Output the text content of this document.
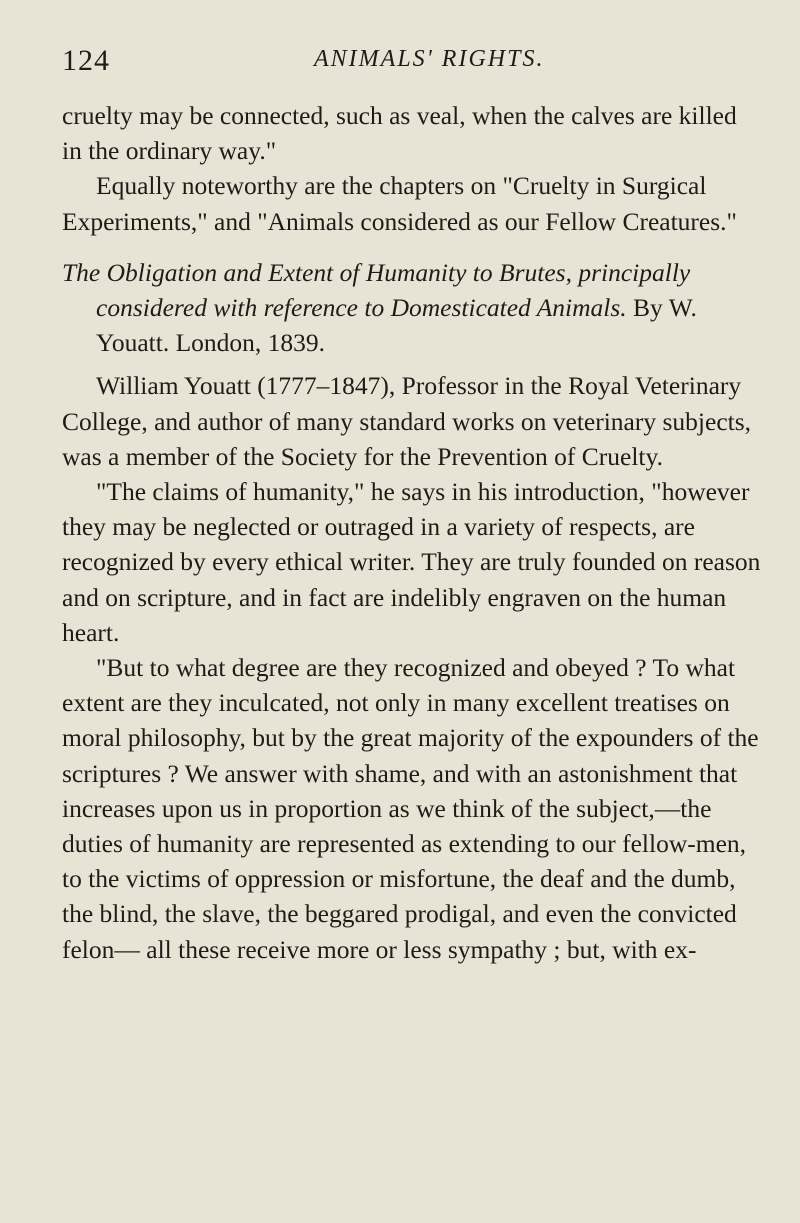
124	ANIMALS' RIGHTS.

cruelty may be connected, such as veal, when the calves are killed in the ordinary way."

Equally noteworthy are the chapters on "Cruelty in Surgical Experiments," and "Animals considered as our Fellow Creatures."

The Obligation and Extent of Humanity to Brutes, principally considered with reference to Domesticated Animals. By W. Youatt. London, 1839.

William Youatt (1777–1847), Professor in the Royal Veterinary College, and author of many standard works on veterinary subjects, was a member of the Society for the Prevention of Cruelty.

"The claims of humanity," he says in his introduction, "however they may be neglected or outraged in a variety of respects, are recognized by every ethical writer. They are truly founded on reason and on scripture, and in fact are indelibly engraven on the human heart.

"But to what degree are they recognized and obeyed ? To what extent are they inculcated, not only in many excellent treatises on moral philosophy, but by the great majority of the expounders of the scriptures ? We answer with shame, and with an astonishment that increases upon us in proportion as we think of the subject,—the duties of humanity are represented as extending to our fellow-men, to the victims of oppression or misfortune, the deaf and the dumb, the blind, the slave, the beggared prodigal, and even the convicted felon— all these receive more or less sympathy ; but, with ex-
